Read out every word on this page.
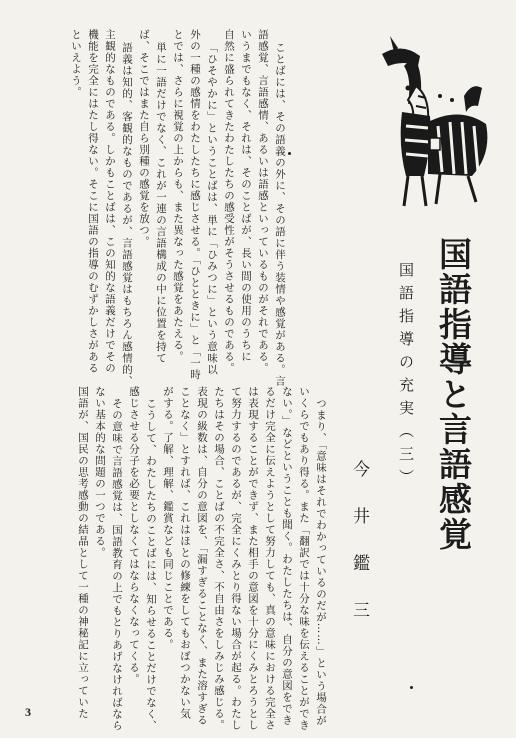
国語指導と言語感覚
国語指導の充実（三）
今井鑑三
ことばには、その語義の外に、その語に伴う装情や感覚がある。言
語感覚、言語感情、あるいは語感といっているものがそれである。
いうまでもなく、それは、そのことばが、長い間の使用のうちに
自然に盛られてきたわたしたちの感受性がそうさせるものである。
「ひそやかに」ということばは、単に「ひみつに」という意味以
外の一種の感情をわたしたちに感じさせる。「ひとときに」と「一時
とでは、さらに視覚の上からも、また異なった感覚をあたえる。
単に一語だけでなく、これが一連の言語構成の中に位置を持て
ば、そこではまた自ら別種の感覚を放つ。
語義は知的、客観的なものであるが、言語感覚はもちろん感情的、
主観的なものである。しかもことばは、この知的な語義だけでその
機能を完全にはたし得ない。そこに国語の指導のむずかしさがある
といえよう。
つまり、「意味はそれでわかっているのだが……」という場合が
いくらでもあり得る。また「翻訳では十分な味を伝えることができ
ない。」などということも聞く。わたしたちは、自分の意図をでき
るだけ完全に伝えようとして努力しても、真の意味における完全さ
は表現することができず、また相手の意図を十分にくみとろうとし
て努力するのであるが、完全にくみとり得ない場合が起る。わたし
たちはその場合、ことばの不完全さ、不自由さをしみじみ感じる。
表現の級数は、自分の意図を、「漏すぎることなく、また溶すぎる
ことなく」とすれば、これはほとの修練をしてもおぼつかない気
がする。了解、理解、鑑賞なども同じことである。
こうして、わたしたちのことばには、知らせることだけでなく、
感じさせる分子を必要としなくてはならなくなってくる。
その意味で言語感覚は、国語教育の上でもとりあげなければなら
ない基本的な問題の一つである。
国語が、国民の思考感動の結晶として一種の神秘記に立っていた
3
